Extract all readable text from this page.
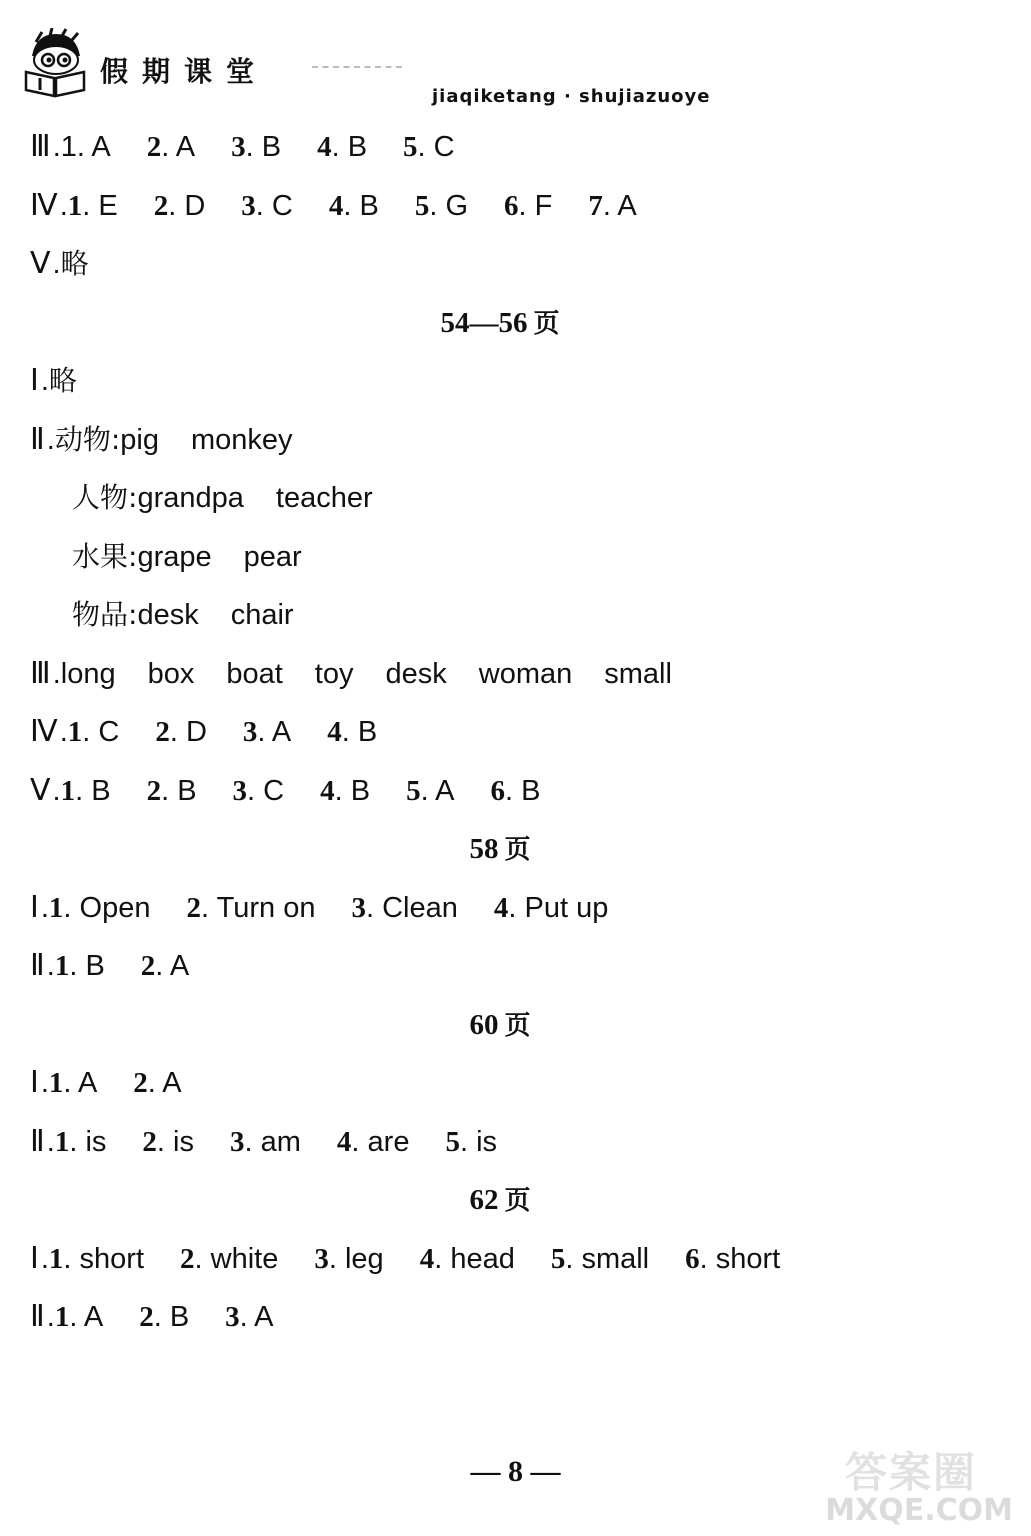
假期课堂
jiaqiketang · shujiazuoye
Ⅲ.1. A 2. A 3. B 4. B 5. C
Ⅳ.1. E 2. D 3. C 4. B 5. G 6. F 7. A
Ⅴ.略
54—56 页
Ⅰ.略
Ⅱ.动物:pig monkey
人物:grandpa teacher
水果:grape pear
物品:desk chair
Ⅲ.long box boat toy desk woman small
Ⅳ.1. C 2. D 3. A 4. B
Ⅴ.1. B 2. B 3. C 4. B 5. A 6. B
58 页
Ⅰ.1. Open 2. Turn on 3. Clean 4. Put up
Ⅱ.1. B 2. A
60 页
Ⅰ.1. A 2. A
Ⅱ.1. is 2. is 3. am 4. are 5. is
62 页
Ⅰ.1. short 2. white 3. leg 4. head 5. small 6. short
Ⅱ.1. A 2. B 3. A
— 8 —	答案圈
MXQE.COM
